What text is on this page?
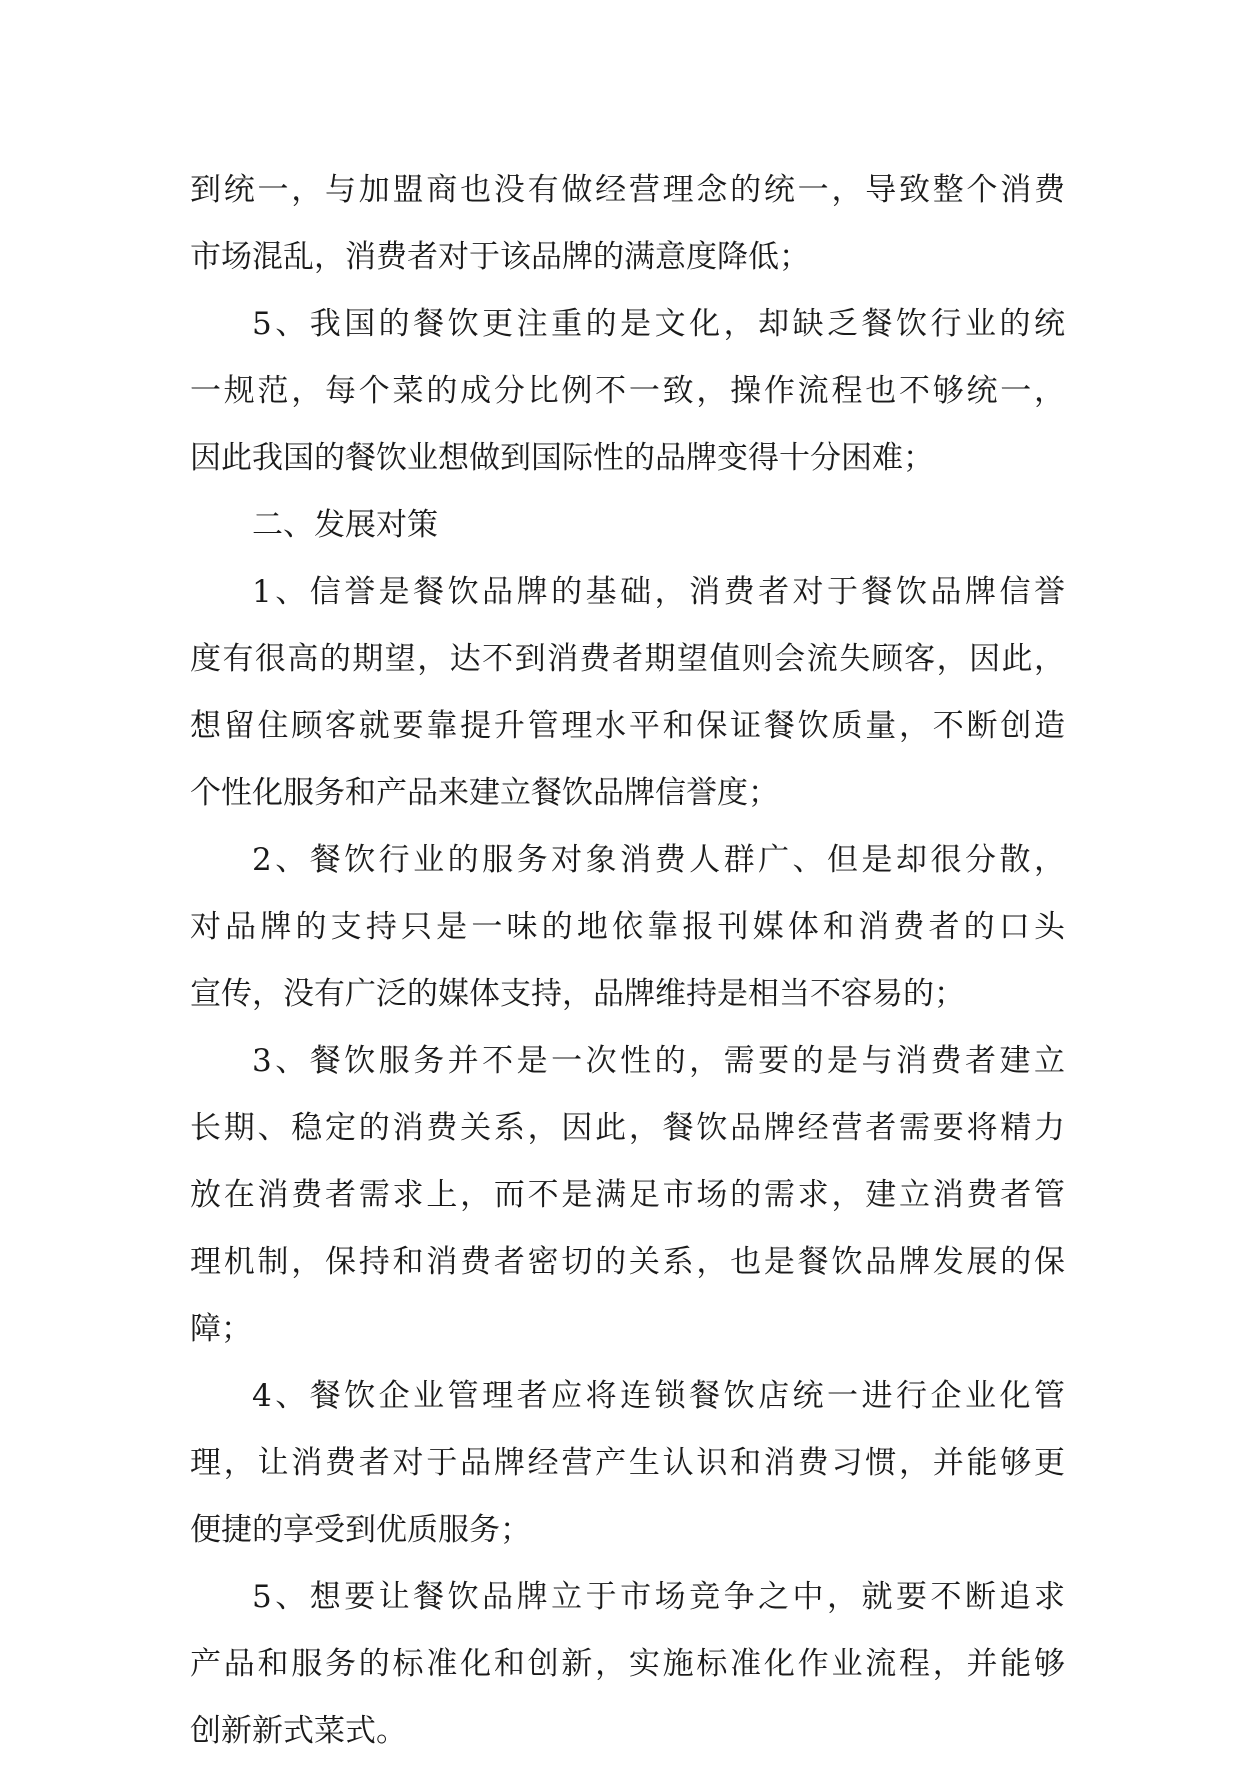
到统一，与加盟商也没有做经营理念的统一，导致整个消费
市场混乱，消费者对于该品牌的满意度降低；
5、我国的餐饮更注重的是文化，却缺乏餐饮行业的统
一规范，每个菜的成分比例不一致，操作流程也不够统一，
因此我国的餐饮业想做到国际性的品牌变得十分困难；
二、发展对策
1、信誉是餐饮品牌的基础，消费者对于餐饮品牌信誉
度有很高的期望，达不到消费者期望值则会流失顾客，因此，
想留住顾客就要靠提升管理水平和保证餐饮质量，不断创造
个性化服务和产品来建立餐饮品牌信誉度；
2、餐饮行业的服务对象消费人群广、但是却很分散，
对品牌的支持只是一味的地依靠报刊媒体和消费者的口头
宣传，没有广泛的媒体支持，品牌维持是相当不容易的；
3、餐饮服务并不是一次性的，需要的是与消费者建立
长期、稳定的消费关系，因此，餐饮品牌经营者需要将精力
放在消费者需求上，而不是满足市场的需求，建立消费者管
理机制，保持和消费者密切的关系，也是餐饮品牌发展的保
障；
4、餐饮企业管理者应将连锁餐饮店统一进行企业化管
理，让消费者对于品牌经营产生认识和消费习惯，并能够更
便捷的享受到优质服务；
5、想要让餐饮品牌立于市场竞争之中，就要不断追求
产品和服务的标准化和创新，实施标准化作业流程，并能够
创新新式菜式。
